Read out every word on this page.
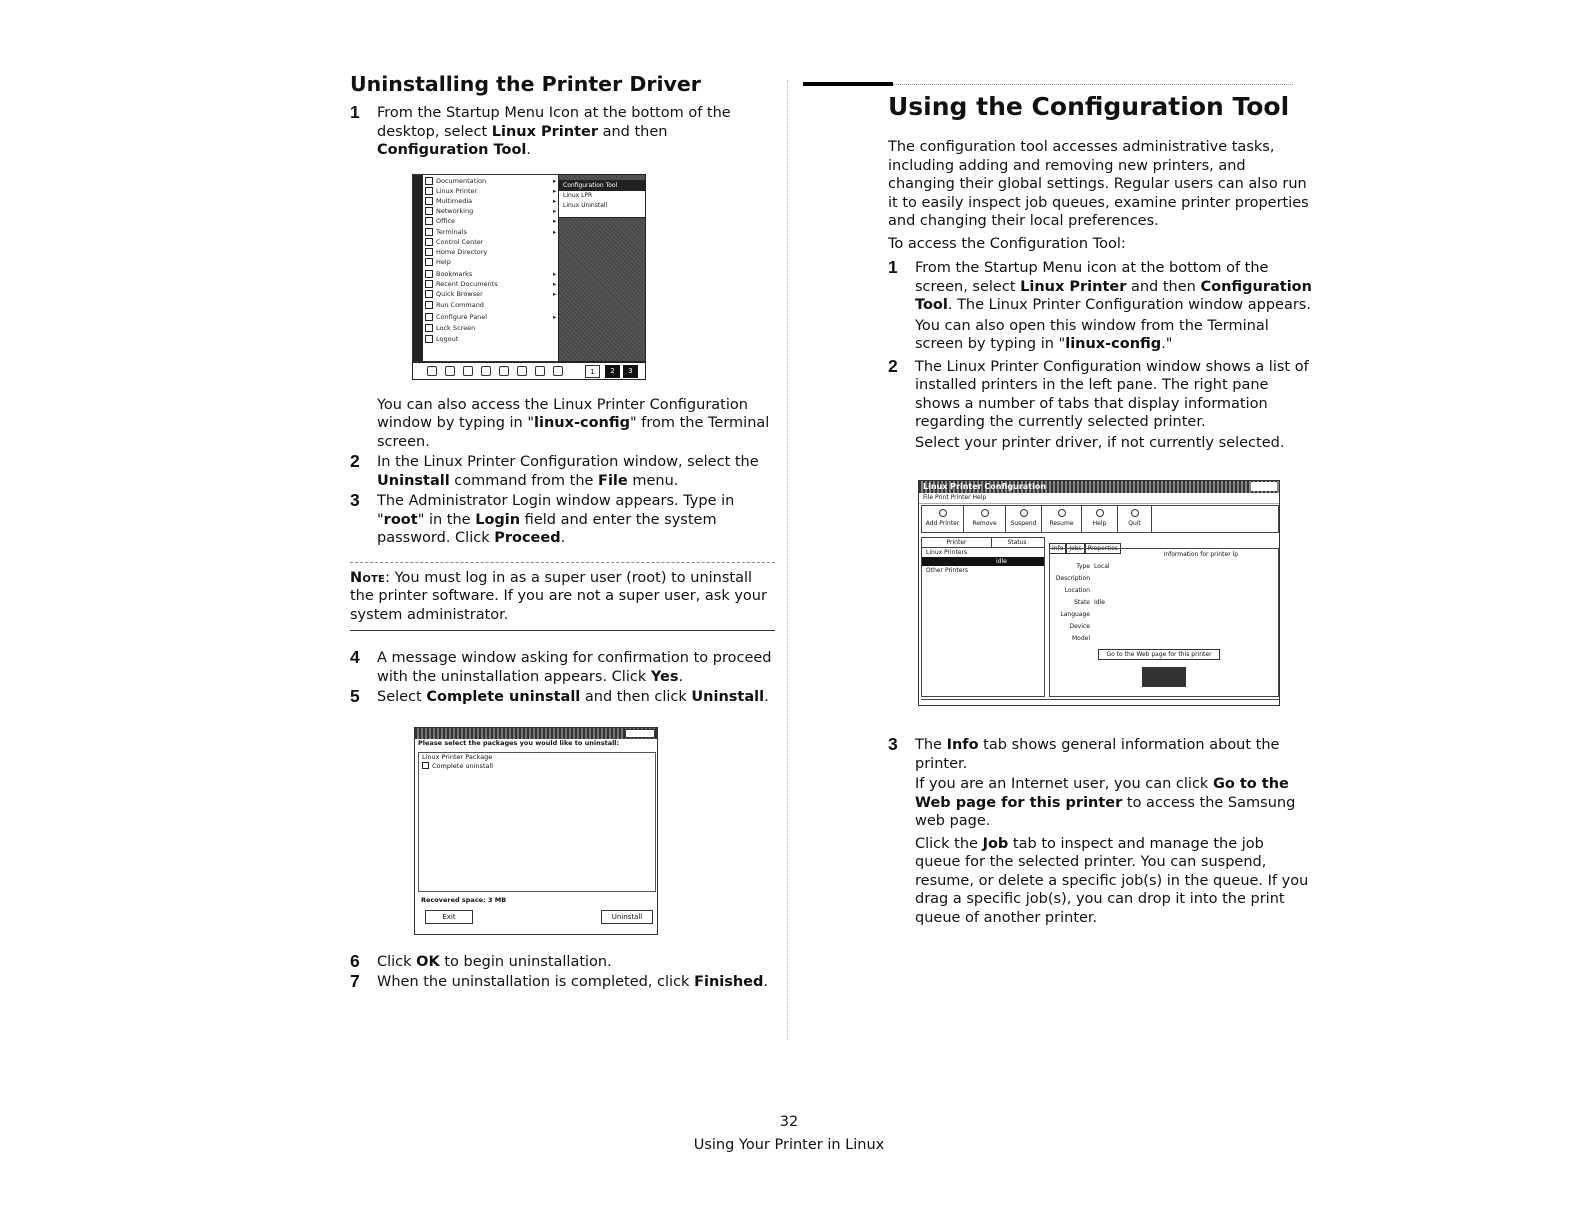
Uninstalling the Printer Driver
1 From the Startup Menu Icon at the bottom of the desktop, select Linux Printer and then Configuration Tool.
Documentation	▸
Linux Printer	▸
Multimedia	▸
Networking	▸
Office	▸
Terminals	▸
Control Center
Home Directory
Help
Bookmarks	▸
Recent Documents	▸
Quick Browser	▸
Run Command
Configure Panel	▸
Lock Screen
Logout
Configuration Tool
Linux LPR
Linux Uninstall
1	2	3
You can also access the Linux Printer Configuration window by typing in "linux-config" from the Terminal screen.
2 In the Linux Printer Configuration window, select the Uninstall command from the File menu.
3 The Administrator Login window appears. Type in "root" in the Login field and enter the system password. Click Proceed.
Note: You must log in as a super user (root) to uninstall the printer software. If you are not a super user, ask your system administrator.
4 A message window asking for confirmation to proceed with the uninstallation appears. Click Yes.
5 Select Complete uninstall and then click Uninstall.
Please select the packages you would like to uninstall:
Linux Printer Package
Complete uninstall
Recovered space: 3 MB
Exit	Uninstall
6 Click OK to begin uninstallation.
7 When the uninstallation is completed, click Finished.
Using the Configuration Tool

The configuration tool accesses administrative tasks, including adding and removing new printers, and changing their global settings. Regular users can also run it to easily inspect job queues, examine printer properties and changing their local preferences.

To access the Configuration Tool:

1 From the Startup Menu icon at the bottom of the screen, select Linux Printer and then Configuration Tool. The Linux Printer Configuration window appears.
You can also open this window from the Terminal screen by typing in "linux-config."
2 The Linux Printer Configuration window shows a list of installed printers in the left pane. The right pane shows a number of tabs that display information regarding the currently selected printer.
Select your printer driver, if not currently selected.
Linux Printer Configuration
File Print Printer Help
Add Printer	Remove	Suspend	Resume	Help	Quit
Printer	Status
Linux Printers
idle
Other Printers
Info Jobs Properties
Information for printer lp
Type Local
Description
Location
State Idle
Language
Device
Model
Go to the Web page for this printer
3 The Info tab shows general information about the printer.
If you are an Internet user, you can click Go to the Web page for this printer to access the Samsung web page.
Click the Job tab to inspect and manage the job queue for the selected printer. You can suspend, resume, or delete a specific job(s) in the queue. If you drag a specific job(s), you can drop it into the print queue of another printer.
32
Using Your Printer in Linux
